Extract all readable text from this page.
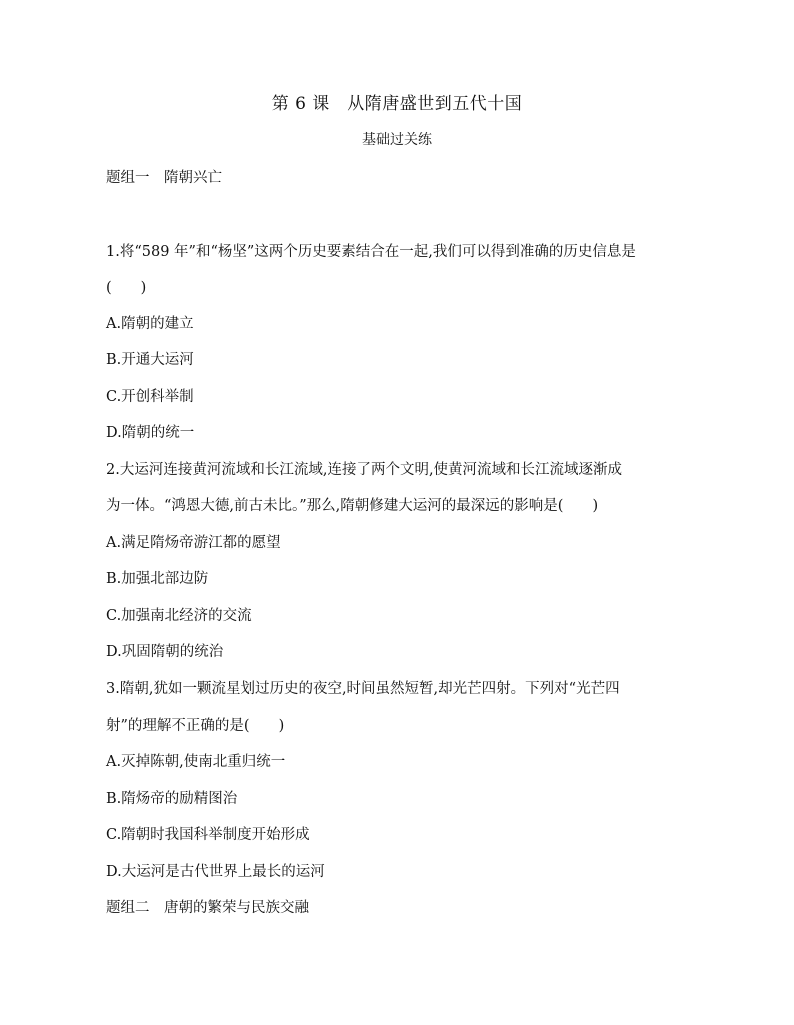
第 6 课　从隋唐盛世到五代十国
基础过关练
题组一　隋朝兴亡
1.将“589 年”和“杨坚”这两个历史要素结合在一起,我们可以得到准确的历史信息是
(　　)
A.隋朝的建立
B.开通大运河
C.开创科举制
D.隋朝的统一
2.大运河连接黄河流域和长江流域,连接了两个文明,使黄河流域和长江流域逐渐成
为一体。“鸿恩大德,前古未比。”那么,隋朝修建大运河的最深远的影响是(　　)
A.满足隋炀帝游江都的愿望
B.加强北部边防
C.加强南北经济的交流
D.巩固隋朝的统治
3.隋朝,犹如一颗流星划过历史的夜空,时间虽然短暂,却光芒四射。下列对“光芒四
射”的理解不正确的是(　　)
A.灭掉陈朝,使南北重归统一
B.隋炀帝的励精图治
C.隋朝时我国科举制度开始形成
D.大运河是古代世界上最长的运河
题组二　唐朝的繁荣与民族交融
